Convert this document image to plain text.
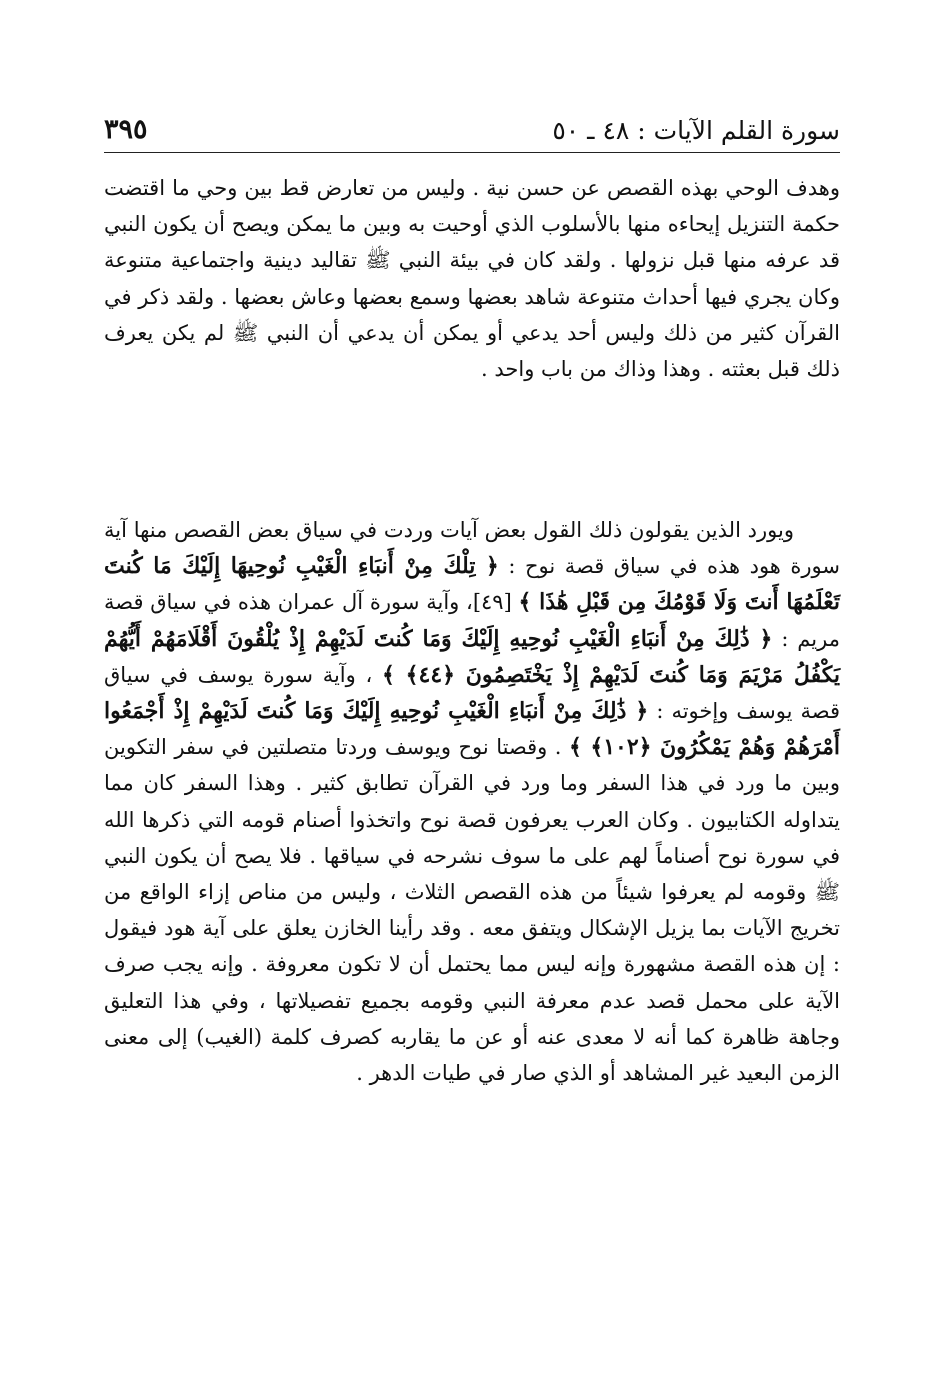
سورة القلم الآيات : ٤٨ ـ ٥٠
٣٩٥

وهدف الوحي بهذه القصص عن حسن نية . وليس من تعارض قط بين وحي ما اقتضت حكمة التنزيل إيحاءه منها بالأسلوب الذي أوحيت به وبين ما يمكن ويصح أن يكون النبي قد عرفه منها قبل نزولها . ولقد كان في بيئة النبي ﷺ تقاليد دينية واجتماعية متنوعة وكان يجري فيها أحداث متنوعة شاهد بعضها وسمع بعضها وعاش بعضها . ولقد ذكر في القرآن كثير من ذلك وليس أحد يدعي أو يمكن أن يدعي أن النبي ﷺ لم يكن يعرف ذلك قبل بعثته . وهذا وذاك من باب واحد .

ويورد الذين يقولون ذلك القول بعض آيات وردت في سياق بعض القصص منها آية سورة هود هذه في سياق قصة نوح : ﴿ تِلْكَ مِنْ أَنبَاءِ الْغَيْبِ نُوحِيهَا إِلَيْكَ مَا كُنتَ تَعْلَمُهَا أَنتَ وَلَا قَوْمُكَ مِن قَبْلِ هَٰذَا ﴾ [٤٩]، وآية سورة آل عمران هذه في سياق قصة مريم : ﴿ ذَٰلِكَ مِنْ أَنبَاءِ الْغَيْبِ نُوحِيهِ إِلَيْكَ وَمَا كُنتَ لَدَيْهِمْ إِذْ يُلْقُونَ أَقْلَامَهُمْ أَيُّهُمْ يَكْفُلُ مَرْيَمَ وَمَا كُنتَ لَدَيْهِمْ إِذْ يَخْتَصِمُونَ ﴿٤٤﴾ ﴾ ، وآية سورة يوسف في سياق قصة يوسف وإخوته : ﴿ ذَٰلِكَ مِنْ أَنبَاءِ الْغَيْبِ نُوحِيهِ إِلَيْكَ وَمَا كُنتَ لَدَيْهِمْ إِذْ أَجْمَعُوا أَمْرَهُمْ وَهُمْ يَمْكُرُونَ ﴿١٠٢﴾ ﴾ . وقصتا نوح ويوسف وردتا متصلتين في سفر التكوين وبين ما ورد في هذا السفر وما ورد في القرآن تطابق كثير . وهذا السفر كان مما يتداوله الكتابيون . وكان العرب يعرفون قصة نوح واتخذوا أصنام قومه التي ذكرها الله في سورة نوح أصناماً لهم على ما سوف نشرحه في سياقها . فلا يصح أن يكون النبي ﷺ وقومه لم يعرفوا شيئاً من هذه القصص الثلاث ، وليس من مناص إزاء الواقع من تخريج الآيات بما يزيل الإشكال ويتفق معه . وقد رأينا الخازن يعلق على آية هود فيقول : إن هذه القصة مشهورة وإنه ليس مما يحتمل أن لا تكون معروفة . وإنه يجب صرف الآية على محمل قصد عدم معرفة النبي وقومه بجميع تفصيلاتها ، وفي هذا التعليق وجاهة ظاهرة كما أنه لا معدى عنه أو عن ما يقاربه كصرف كلمة (الغيب) إلى معنى الزمن البعيد غير المشاهد أو الذي صار في طيات الدهر .
